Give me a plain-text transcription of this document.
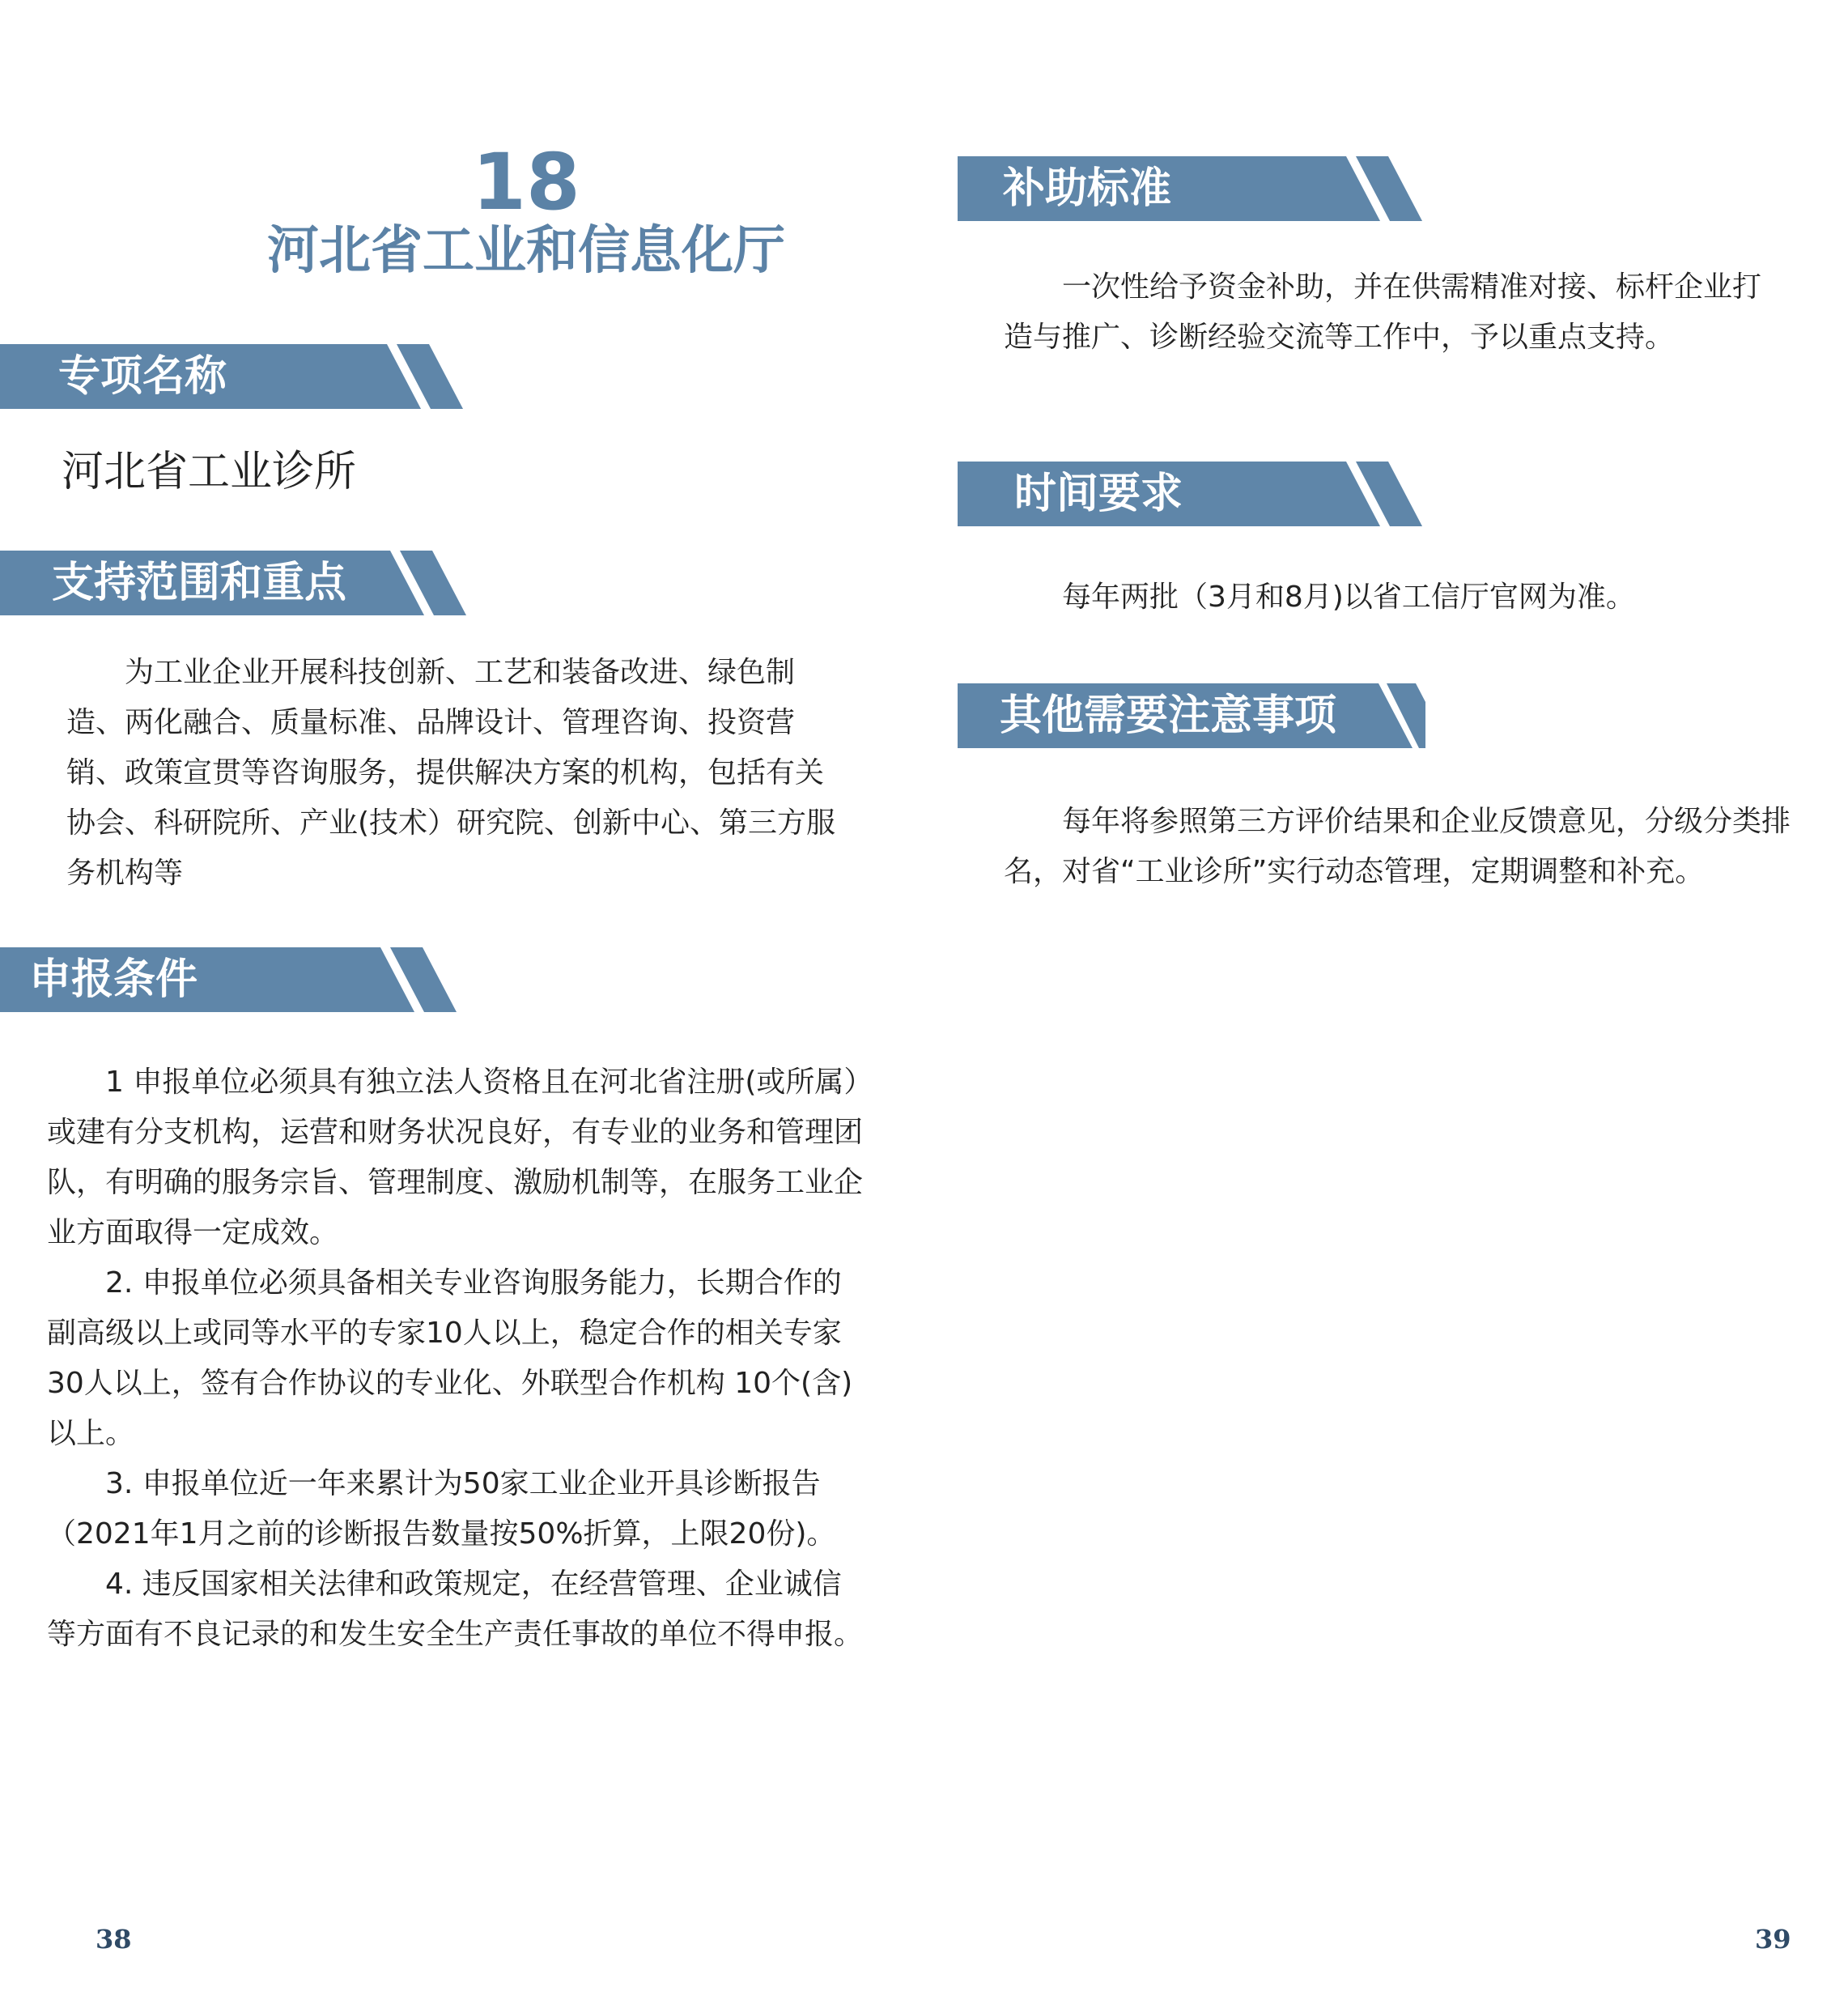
18
河北省工业和信息化厅
专项名称
河北省工业诊所
支持范围和重点

为工业企业开展科技创新、工艺和装备改进、绿色制造、两化融合、质量标准、品牌设计、管理咨询、投资营销、政策宣贯等咨询服务，提供解决方案的机构，包括有关协会、科研院所、产业(技术）研究院、创新中心、第三方服务机构等

申报条件

1 申报单位必须具有独立法人资格且在河北省注册(或所属）或建有分支机构，运营和财务状况良好，有专业的业务和管理团队，有明确的服务宗旨、管理制度、激励机制等，在服务工业企业方面取得一定成效。

2. 申报单位必须具备相关专业咨询服务能力，长期合作的副高级以上或同等水平的专家10人以上，稳定合作的相关专家30人以上，签有合作协议的专业化、外联型合作机构 10个(含)以上。

3. 申报单位近一年来累计为50家工业企业开具诊断报告（2021年1月之前的诊断报告数量按50%折算，上限20份)。

4. 违反国家相关法律和政策规定，在经营管理、企业诚信等方面有不良记录的和发生安全生产责任事故的单位不得申报。

38
补助标准

一次性给予资金补助，并在供需精准对接、标杆企业打造与推广、诊断经验交流等工作中，予以重点支持。

时间要求

每年两批（3月和8月)以省工信厅官网为准。

其他需要注意事项

每年将参照第三方评价结果和企业反馈意见，分级分类排名，对省“工业诊所”实行动态管理，定期调整和补充。

39
